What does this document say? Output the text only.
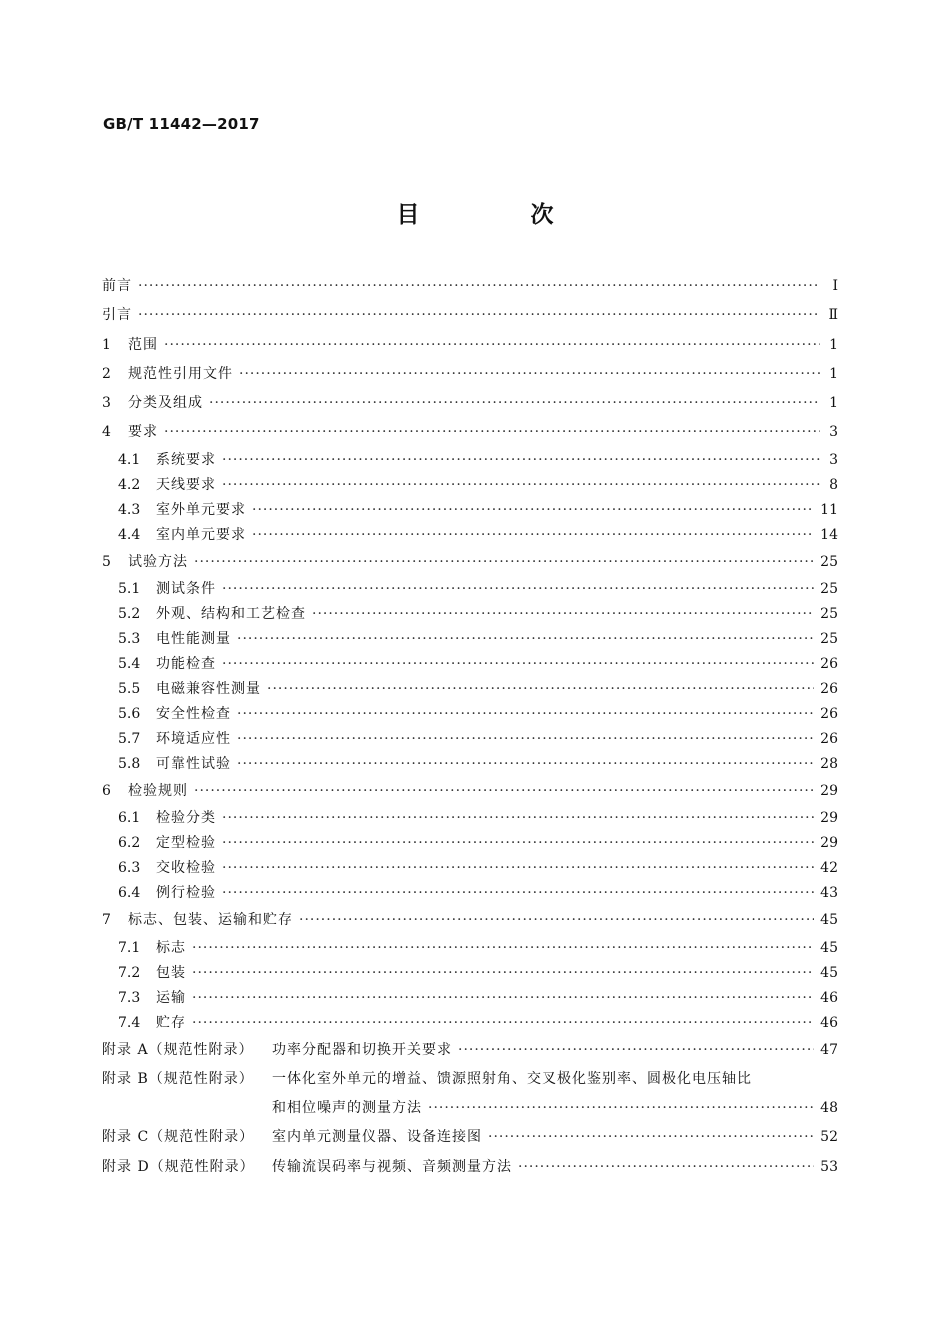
GB/T 11442—2017
目　次
前言 ·····	Ⅰ
引言 ·····	Ⅱ
1	范围 ·····	1
2	规范性引用文件 ·····	1
3	分类及组成 ·····	1
4	要求 ·····	3
4.1	系统要求 ·····	3
4.2	天线要求 ·····	8
4.3	室外单元要求 ·····	11
4.4	室内单元要求 ·····	14
5	试验方法 ·····	25
5.1	测试条件 ·····	25
5.2	外观、结构和工艺检查 ·····	25
5.3	电性能测量 ·····	25
5.4	功能检查 ·····	26
5.5	电磁兼容性测量 ·····	26
5.6	安全性检查 ·····	26
5.7	环境适应性 ·····	26
5.8	可靠性试验 ·····	28
6	检验规则 ·····	29
6.1	检验分类 ·····	29
6.2	定型检验 ·····	29
6.3	交收检验 ·····	42
6.4	例行检验 ·····	43
7	标志、包装、运输和贮存 ·····	45
7.1	标志 ·····	45
7.2	包装 ·····	45
7.3	运输 ·····	46
7.4	贮存 ·····	46
附录 A（规范性附录）	功率分配器和切换开关要求 ·····	47
附录 B（规范性附录）	一体化室外单元的增益、馈源照射角、交叉极化鉴别率、圆极化电压轴比
和相位噪声的测量方法 ·····	48
附录 C（规范性附录）	室内单元测量仪器、设备连接图 ·····	52
附录 D（规范性附录）	传输流误码率与视频、音频测量方法 ·····	53
